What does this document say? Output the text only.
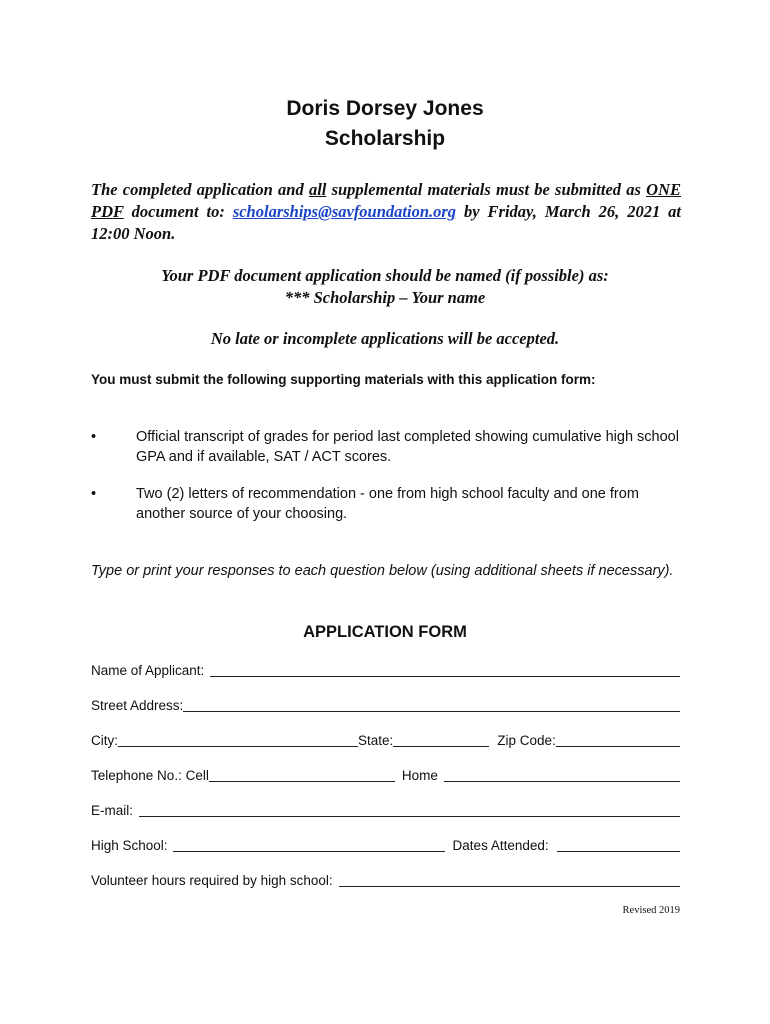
Doris Dorsey Jones
Scholarship
The completed application and all supplemental materials must be submitted as ONE PDF document to: scholarships@savfoundation.org by Friday, March 26, 2021 at 12:00 Noon.
Your PDF document application should be named (if possible) as:
*** Scholarship – Your name
No late or incomplete applications will be accepted.
You must submit the following supporting materials with this application form:
•	Official transcript of grades for period last completed showing cumulative high school GPA and if available, SAT / ACT scores.
•	Two (2) letters of recommendation - one from high school faculty and one from another source of your choosing.
Type or print your responses to each question below (using additional sheets if necessary).
APPLICATION FORM
Name of Applicant:
Street Address:
City:	State:	Zip Code:
Telephone No.: Cell	Home
E-mail:
High School:	Dates Attended:
Volunteer hours required by high school:
Revised 2019
